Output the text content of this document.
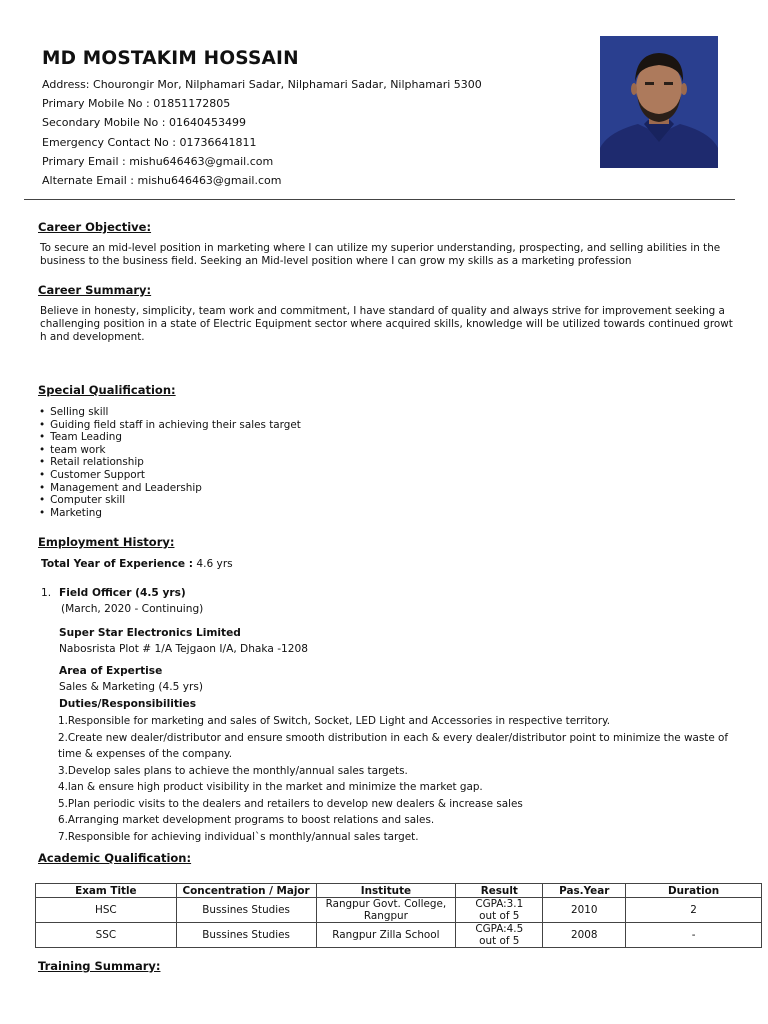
MD MOSTAKIM HOSSAIN
Address: Chourongir Mor, Nilphamari Sadar, Nilphamari Sadar, Nilphamari 5300
Primary Mobile No : 01851172805
Secondary Mobile No : 01640453499
Emergency Contact No : 01736641811
Primary Email : mishu646463@gmail.com
Alternate Email : mishu646463@gmail.com
Career Objective:
To secure an mid-level position in marketing where I can utilize my superior understanding, prospecting, and selling abilities in the business to the business field. Seeking an Mid-level position where I can grow my skills as a marketing profession
Career Summary:
Believe in honesty, simplicity, team work and commitment, I have standard of quality and always strive for improvement seeking a challenging position in a state of Electric Equipment sector where acquired skills, knowledge will be utilized towards continued growt h and development.
Special Qualification:
• Selling skill
• Guiding field staff in achieving their sales target
• Team Leading
• team work
• Retail relationship
• Customer Support
• Management and Leadership
• Computer skill
• Marketing
Employment History:
Total Year of Experience : 4.6 yrs
1. Field Officer (4.5 yrs)
(March, 2020 - Continuing)
Super Star Electronics Limited
Nabosrista Plot # 1/A Tejgaon I/A, Dhaka -1208
Area of Expertise
Sales & Marketing (4.5 yrs)
Duties/Responsibilities
1.Responsible for marketing and sales of Switch, Socket, LED Light and Accessories in respective territory.
2.Create new dealer/distributor and ensure smooth distribution in each & every dealer/distributor point to minimize the waste of time & expenses of the company.
3.Develop sales plans to achieve the monthly/annual sales targets.
4.lan & ensure high product visibility in the market and minimize the market gap.
5.Plan periodic visits to the dealers and retailers to develop new dealers & increase sales
6.Arranging market development programs to boost relations and sales.
7.Responsible for achieving individual`s monthly/annual sales target.
Academic Qualification:
Exam Title	Concentration / Major	Institute	Result	Pas.Year	Duration
HSC	Bussines Studies	Rangpur Govt. College, Rangpur	CGPA:3.1 out of 5	2010	2
SSC	Bussines Studies	Rangpur Zilla School	CGPA:4.5 out of 5	2008	-
Training Summary:
